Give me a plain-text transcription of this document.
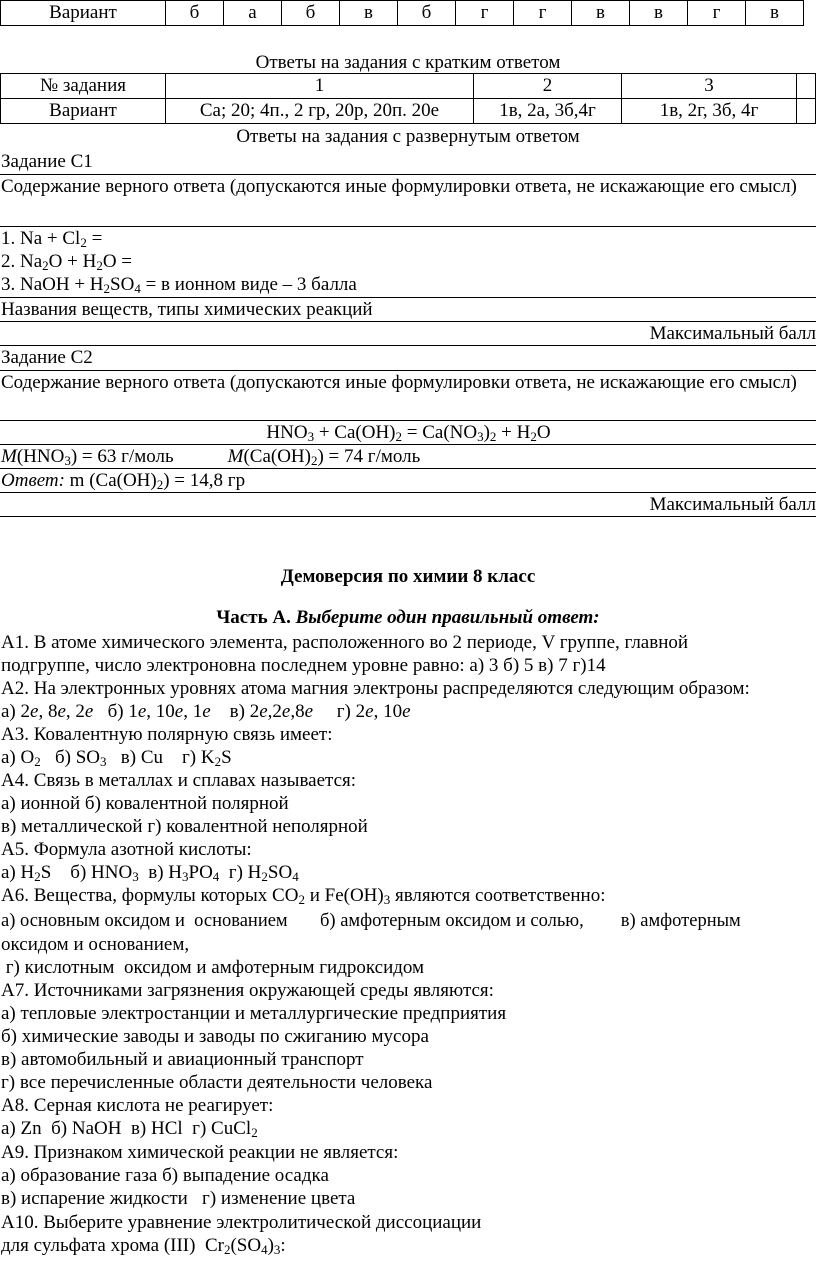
Вариант	б	а	б	в	б	г	г	в	в	г	в
Ответы на задания с кратким ответом
№ задания	1	2	3	
Вариант	Са; 20; 4п., 2 гр, 20р, 20п. 20е	1в, 2а, 3б,4г	1в, 2г, 3б, 4г	
Ответы на задания с развернутым ответом
Задание С1
Содержание верного ответа (допускаются иные формулировки ответа, не искажающие его смысл)
1. $Na + Cl_2$ =
2. $Na_2O + H_2O$ =
3. NaOH + $H_2SO_4 = в$ ионном виде – 3 балла
Названия веществ, типы химических реакций
Максимальный балл
Задание С2
Содержание верного ответа (допускаются иные формулировки ответа, не искажающие его смысл)
$HNO_3 + Ca(OH)_2 = Ca(NO_3)_2 + H_2O$
$M(HNO_3) = 63$ г/моль	$M(Ca(OH)_2) = 74$ г/моль
Ответ: m $(Ca(OH)_2) = 14,8$ гр
Максимальный балл
Демоверсия по химии 8 класс
Часть А. Выберите один правильный ответ:
А1. В атоме химического элемента, расположенного во 2 периоде, V группе, главной
подгруппе, число электроновна последнем уровне равно: а) 3 б) 5 в) 7 г)14
А2. На электронных уровнях атома магния электроны распределяются следующим образом:
а) 2е, 8е, 2е   б) 1е, 10е, 1е    в) 2е,2е,8е     г) 2е, 10е
А3. Ковалентную полярную связь имеет:
а) $O_2$   б) $SO_3$   в) Cu    г) $K_2S$
А4. Связь в металлах и сплавах называется:
а) ионной б) ковалентной полярной
в) металлической г) ковалентной неполярной
А5. Формула азотной кислоты:
а) $H_2S$    б) $HNO_3$  в) $H_3PO_4$  г) $H_2SO_4$
А6. Вещества, формулы которых $CO_2$ и $Fe(OH)_3$ являются соответственно:
а) основным оксидом и  основанием       б) амфотерным оксидом и солью,        в) амфотерным
оксидом и основанием,
г) кислотным  оксидом и амфотерным гидроксидом
А7. Источниками загрязнения окружающей среды являются:
а) тепловые электростанции и металлургические предприятия
б) химические заводы и заводы по сжиганию мусора
в) автомобильный и авиационный транспорт
г) все перечисленные области деятельности человека
А8. Серная кислота не реагирует:
а) Zn  б) NaOH  в) HCl  г) CuCl$_2$
А9. Признаком химической реакции не является:
а) образование газа б) выпадение осадка
в) испарение жидкости   г) изменение цвета
А10. Выберите уравнение электролитической диссоциации
для сульфата хрома (III)  $Cr_2(SO_4)_3$:
